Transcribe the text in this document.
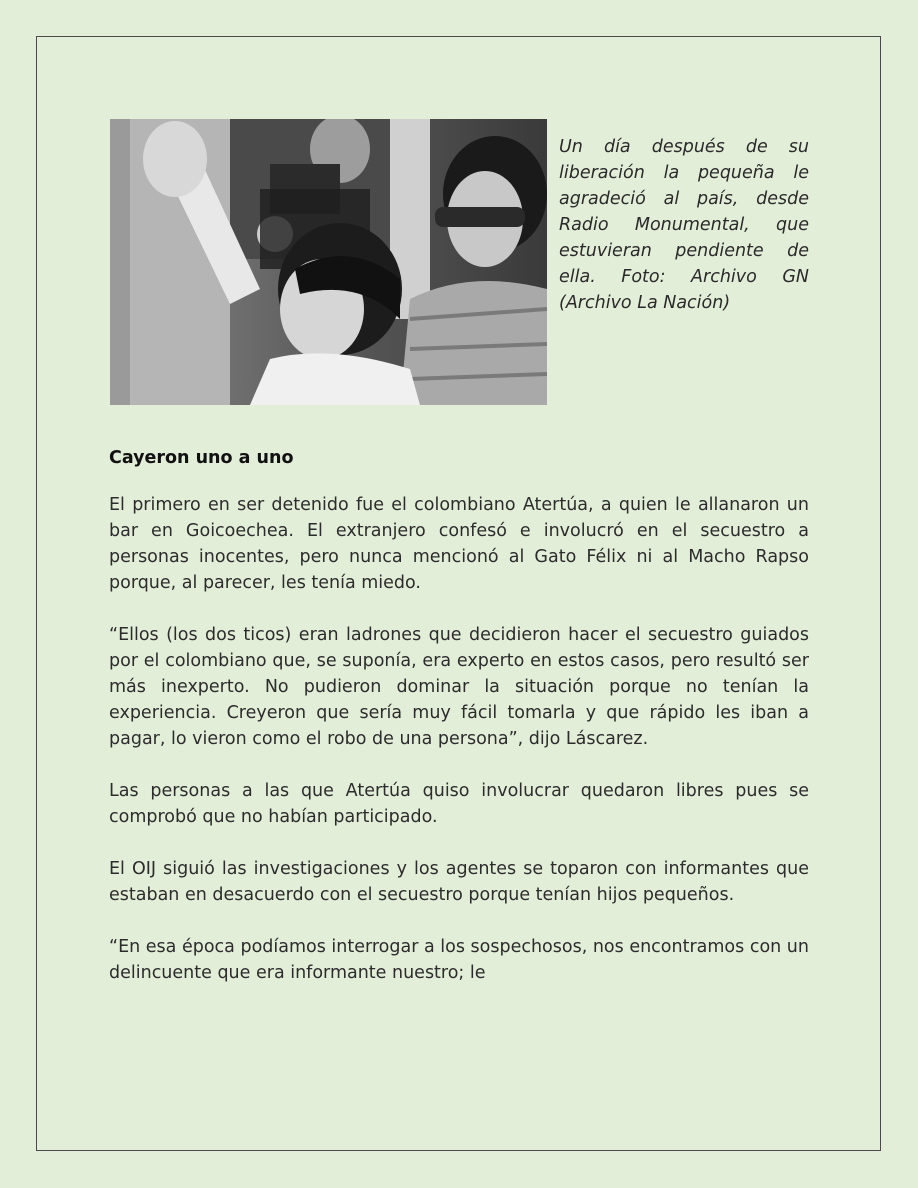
Un día después de su liberación la pequeña le agradeció al país, desde Radio Monumental, que estuvieran pendiente de ella. Foto: Archivo GN (Archivo La Nación)
Cayeron uno a uno

El primero en ser detenido fue el colombiano Atertúa, a quien le allanaron un bar en Goicoechea. El extranjero confesó e involucró en el secuestro a personas inocentes, pero nunca mencionó al Gato Félix ni al Macho Rapso porque, al parecer, les tenía miedo.

“Ellos (los dos ticos) eran ladrones que decidieron hacer el secuestro guiados por el colombiano que, se suponía, era experto en estos casos, pero resultó ser más inexperto. No pudieron dominar la situación porque no tenían la experiencia. Creyeron que sería muy fácil tomarla y que rápido les iban a pagar, lo vieron como el robo de una persona”, dijo Láscarez.

Las personas a las que Atertúa quiso involucrar quedaron libres pues se comprobó que no habían participado.

El OIJ siguió las investigaciones y los agentes se toparon con informantes que estaban en desacuerdo con el secuestro porque tenían hijos pequeños.

“En esa época podíamos interrogar a los sospechosos, nos encontramos con un delincuente que era informante nuestro; le
